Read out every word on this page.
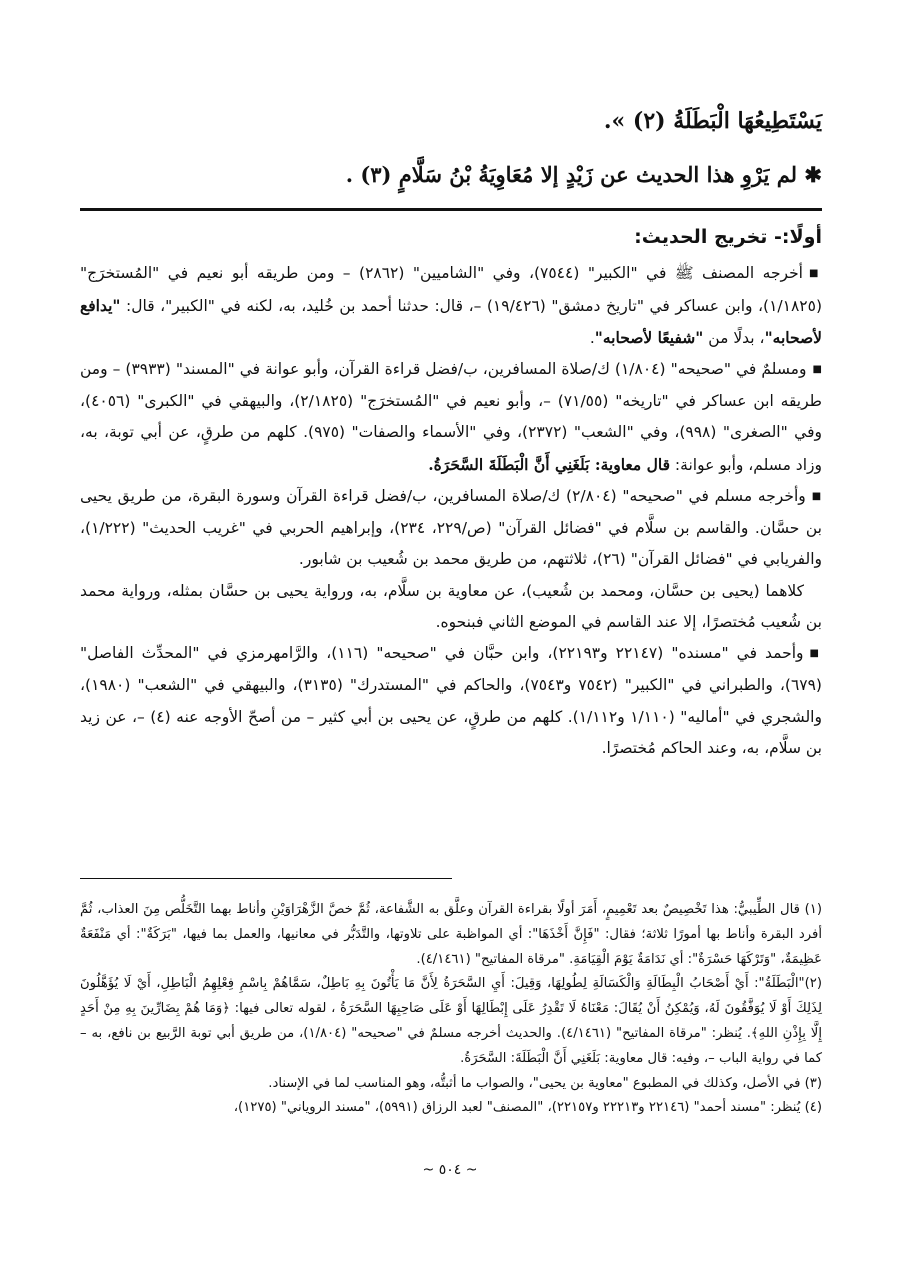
يَسْتَطِيعُهَا الْبَطَلَةُ (٢) ».
✱ لم يَرْوِ هذا الحديث عن زَيْدٍ إلا مُعَاوِيَةُ بْنُ سَلَّامٍ (٣) .
أولًا:- تخريج الحديث:

■أخرجه المصنف ﷺ في "الكبير" (٧٥٤٤)، وفي "الشاميين" (٢٨٦٢) – ومن طريقه أبو نعيم في "المُستخرَج" (١/١٨٢٥)، وابن عساكر في "تاريخ دمشق" (١٩/٤٢٦) –، قال: حدثنا أحمد بن خُليد، به، لكنه في "الكبير"، قال: "يدافع لأصحابه"، بدلًا من "شفيعًا لأصحابه".

■ومسلمٌ في "صحيحه" (١/٨٠٤) ك/صلاة المسافرين، ب/فضل قراءة القرآن، وأبو عوانة في "المسند" (٣٩٣٣) – ومن طريقه ابن عساكر في "تاريخه" (٧١/٥٥) –، وأبو نعيم في "المُستخرَج" (٢/١٨٢٥)، والبيهقي في "الكبرى" (٤٠٥٦)، وفي "الصغرى" (٩٩٨)، وفي "الشعب" (٢٣٧٢)، وفي "الأسماء والصفات" (٩٧٥). كلهم من طرقٍ، عن أبي توبة، به، وزاد مسلم، وأبو عوانة: قال معاوية: بَلَغَنِي أَنَّ الْبَطَلَةَ السَّحَرَةُ.

■وأخرجه مسلم في "صحيحه" (٢/٨٠٤) ك/صلاة المسافرين، ب/فضل قراءة القرآن وسورة البقرة، من طريق يحيى بن حسَّان. والقاسم بن سلَّام في "فضائل القرآن" (ص/٢٢٩، ٢٣٤)، وإبراهيم الحربي في "غريب الحديث" (١/٢٢٢)، والفريابي في "فضائل القرآن" (٢٦)، ثلاثتهم، من طريق محمد بن شُعيب بن شابور.

كلاهما (يحيى بن حسَّان، ومحمد بن شُعيب)، عن معاوية بن سلَّام، به، ورواية يحيى بن حسَّان بمثله، ورواية محمد بن شُعيب مُختصرًا، إلا عند القاسم في الموضع الثاني فبنحوه.

■وأحمد في "مسنده" (٢٢١٤٧ و٢٢١٩٣)، وابن حبَّان في "صحيحه" (١١٦)، والرَّامهرمزي في "المحدِّث الفاصل" (٦٧٩)، والطبراني في "الكبير" (٧٥٤٢ و٧٥٤٣)، والحاكم في "المستدرك" (٣١٣٥)، والبيهقي في "الشعب" (١٩٨٠)، والشجري في "أماليه" (١/١١٠ و١/١١٢). كلهم من طرقٍ، عن يحيى بن أبي كثير – من أصحّ الأوجه عنه (٤) –، عن زيد بن سلَّام، به، وعند الحاكم مُختصرًا.

(١) قال الطِّيبيُّ: هذا تَخْصِيصٌ بعد تَعْمِيمٍ، أَمَرَ أولًا بقراءة القرآن وعلَّق به الشَّفاعة، ثُمَّ خصَّ الزَّهْرَاوَيْنِ وأناط بهما التَّخَلُّص مِنَ العذاب، ثُمَّ أفرد البقرة وأناط بها أمورًا ثلاثة؛ فقال: "فَإِنَّ أَخْذَهَا": أي المواظبة على تلاوتها، والتَّدَبُّر في معانيها، والعمل بما فيها، "بَرَكَةٌ": أي مَنْفَعَةٌ عَظِيمَةٌ، "وَتَرْكَهَا حَسْرَةٌ": أي نَدَامَةٌ يَوْمَ الْقِيَامَةِ. "مرقاة المفاتيح" (٤/١٤٦١).

(٢)"الْبَطَلَةُ": أَيْ أَصْحَابُ الْبِطَالَةِ وَالْكَسَالَةِ لِطُولِهَا، وَقِيلَ: أَيِ السَّحَرَةُ لِأَنَّ مَا يَأْتُونَ بِهِ بَاطِلٌ، سَمَّاهُمْ بِاسْمِ فِعْلِهِمُ الْبَاطِلِ، أَيْ لَا يُؤَهَّلُونَ لِذَلِكَ أَوْ لَا يُوَفَّقُونَ لَهُ، وَيُمْكِنُ أَنْ يُقَالَ: مَعْنَاهُ لَا تَقْدِرُ عَلَى إِبْطَالِهَا أَوْ عَلَى صَاحِبِهَا السَّحَرَةُ ، لقوله تعالى فيها: ﴿وَمَا هُمْ بِضَارِّينَ بِهِ مِنْ أَحَدٍ إِلَّا بِإِذْنِ اللهِ﴾. يُنظر: "مرقاة المفاتيح" (٤/١٤٦١). والحديث أخرجه مسلمٌ في "صحيحه" (١/٨٠٤)، من طريق أبي توبة الرَّبيع بن نافع، به – كما في رواية الباب –، وفيه: قال معاوية: بَلَغَنِي أَنَّ الْبَطَلَةَ: السَّحَرَةُ.

(٣) في الأصل، وكذلك في المطبوع "معاوية بن يحيى"، والصواب ما أثبتُّه، وهو المناسب لما في الإسناد.

(٤) يُنظر: "مسند أحمد" (٢٢١٤٦ و٢٢٢١٣ و٢٢١٥٧)، "المصنف" لعبد الرزاق (٥٩٩١)، "مسند الروياني" (١٢٧٥)،

~ ٥٠٤ ~
